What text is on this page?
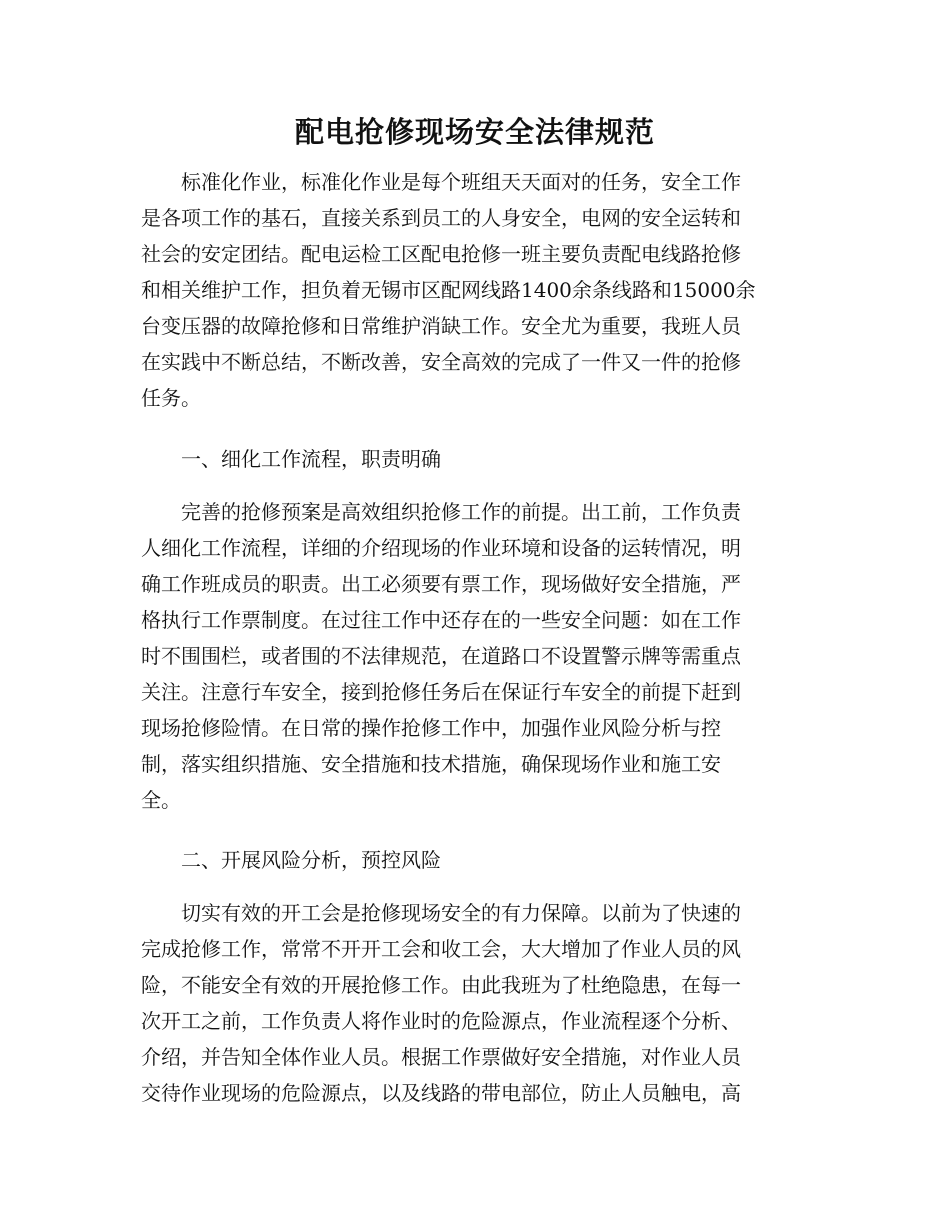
配电抢修现场安全法律规范
　　标准化作业，标准化作业是每个班组天天面对的任务，安全工作
是各项工作的基石，直接关系到员工的人身安全，电网的安全运转和
社会的安定团结。配电运检工区配电抢修一班主要负责配电线路抢修
和相关维护工作，担负着无锡市区配网线路1400余条线路和15000余
台变压器的故障抢修和日常维护消缺工作。安全尤为重要，我班人员
在实践中不断总结，不断改善，安全高效的完成了一件又一件的抢修
任务。
　　一、细化工作流程，职责明确
　　完善的抢修预案是高效组织抢修工作的前提。出工前，工作负责
人细化工作流程，详细的介绍现场的作业环境和设备的运转情况，明
确工作班成员的职责。出工必须要有票工作，现场做好安全措施，严
格执行工作票制度。在过往工作中还存在的一些安全问题：如在工作
时不围围栏，或者围的不法律规范，在道路口不设置警示牌等需重点
关注。注意行车安全，接到抢修任务后在保证行车安全的前提下赶到
现场抢修险情。在日常的操作抢修工作中，加强作业风险分析与控
制，落实组织措施、安全措施和技术措施，确保现场作业和施工安
全。
　　二、开展风险分析，预控风险
　　切实有效的开工会是抢修现场安全的有力保障。以前为了快速的
完成抢修工作，常常不开开工会和收工会，大大增加了作业人员的风
险，不能安全有效的开展抢修工作。由此我班为了杜绝隐患，在每一
次开工之前，工作负责人将作业时的危险源点，作业流程逐个分析、
介绍，并告知全体作业人员。根据工作票做好安全措施，对作业人员
交待作业现场的危险源点，以及线路的带电部位，防止人员触电，高
